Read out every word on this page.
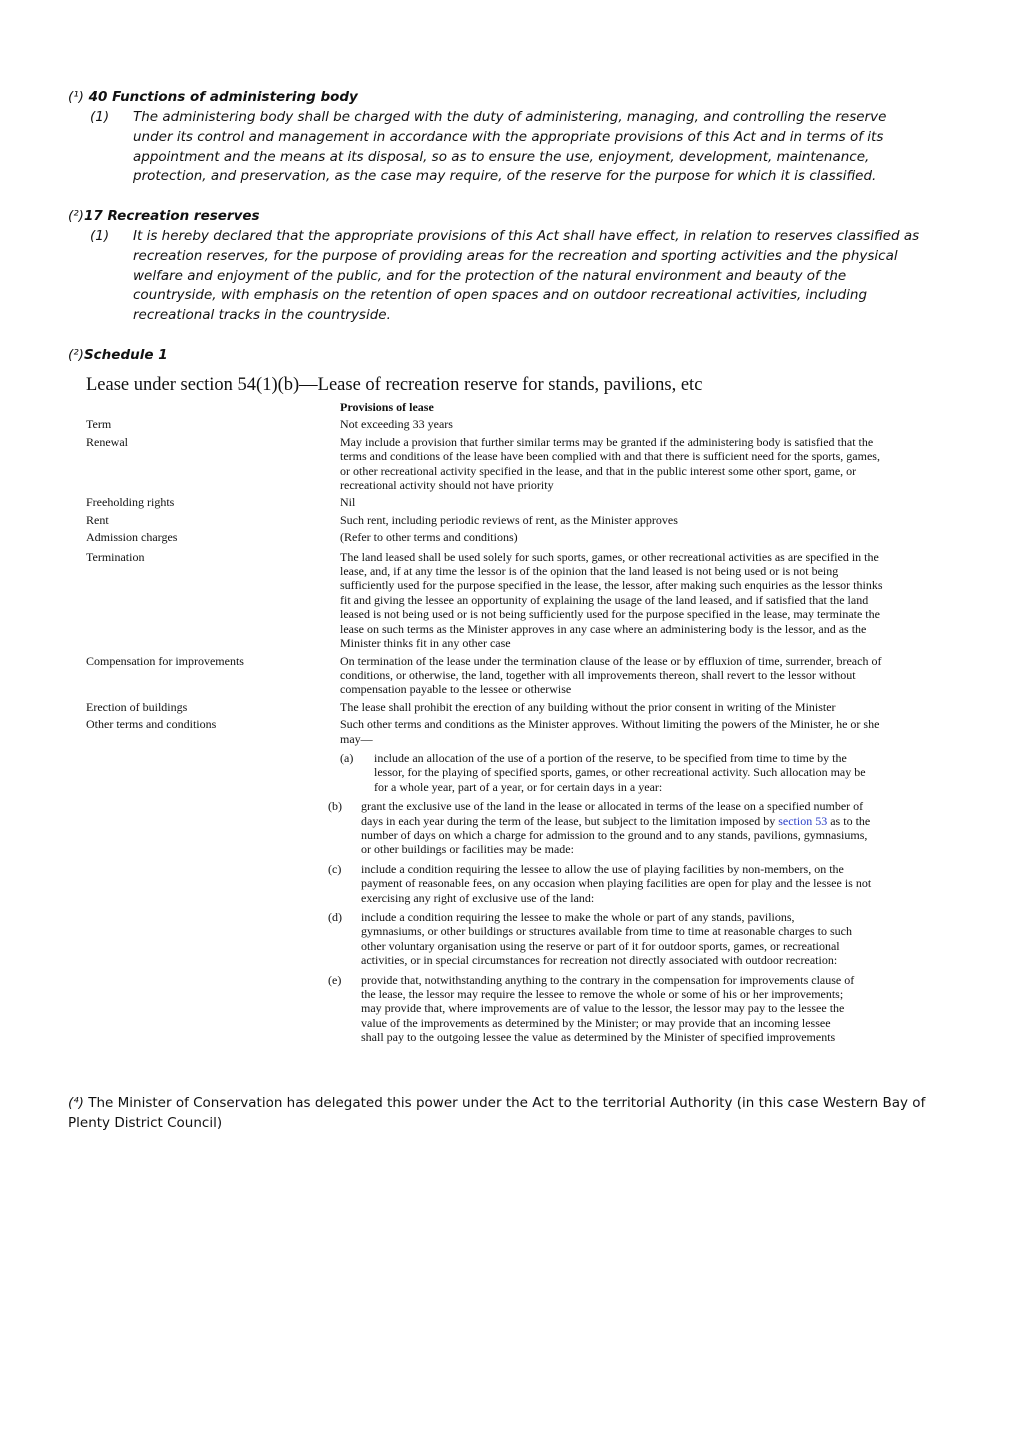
(¹) 40 Functions of administering body
(1) The administering body shall be charged with the duty of administering, managing, and controlling the reserve under its control and management in accordance with the appropriate provisions of this Act and in terms of its appointment and the means at its disposal, so as to ensure the use, enjoyment, development, maintenance, protection, and preservation, as the case may require, of the reserve for the purpose for which it is classified.
(²)17 Recreation reserves
(1) It is hereby declared that the appropriate provisions of this Act shall have effect, in relation to reserves classified as recreation reserves, for the purpose of providing areas for the recreation and sporting activities and the physical welfare and enjoyment of the public, and for the protection of the natural environment and beauty of the countryside, with emphasis on the retention of open spaces and on outdoor recreational activities, including recreational tracks in the countryside.
(²)Schedule 1
Lease under section 54(1)(b)—Lease of recreation reserve for stands, pavilions, etc
Provisions of lease
Term	Not exceeding 33 years
Renewal	May include a provision that further similar terms may be granted if the administering body is satisfied that the terms and conditions of the lease have been complied with and that there is sufficient need for the sports, games, or other recreational activity specified in the lease, and that in the public interest some other sport, game, or recreational activity should not have priority
Freeholding rights	Nil
Rent	Such rent, including periodic reviews of rent, as the Minister approves
Admission charges	(Refer to other terms and conditions)
Termination	The land leased shall be used solely for such sports, games, or other recreational activities as are specified in the lease, and, if at any time the lessor is of the opinion that the land leased is not being used or is not being sufficiently used for the purpose specified in the lease, the lessor, after making such enquiries as the lessor thinks fit and giving the lessee an opportunity of explaining the usage of the land leased, and if satisfied that the land leased is not being used or is not being sufficiently used for the purpose specified in the lease, may terminate the lease on such terms as the Minister approves in any case where an administering body is the lessor, and as the Minister thinks fit in any other case
Compensation for improvements	On termination of the lease under the termination clause of the lease or by effluxion of time, surrender, breach of conditions, or otherwise, the land, together with all improvements thereon, shall revert to the lessor without compensation payable to the lessee or otherwise
Erection of buildings	The lease shall prohibit the erection of any building without the prior consent in writing of the Minister
Other terms and conditions	Such other terms and conditions as the Minister approves. Without limiting the powers of the Minister, he or she may—
(a)	include an allocation of the use of a portion of the reserve, to be specified from time to time by the lessor, for the playing of specified sports, games, or other recreational activity. Such allocation may be for a whole year, part of a year, or for certain days in a year:
(b)	grant the exclusive use of the land in the lease or allocated in terms of the lease on a specified number of days in each year during the term of the lease, but subject to the limitation imposed by section 53 as to the number of days on which a charge for admission to the ground and to any stands, pavilions, gymnasiums, or other buildings or facilities may be made:
(c)	include a condition requiring the lessee to allow the use of playing facilities by non-members, on the payment of reasonable fees, on any occasion when playing facilities are open for play and the lessee is not exercising any right of exclusive use of the land:
(d)	include a condition requiring the lessee to make the whole or part of any stands, pavilions, gymnasiums, or other buildings or structures available from time to time at reasonable charges to such other voluntary organisation using the reserve or part of it for outdoor sports, games, or recreational activities, or in special circumstances for recreation not directly associated with outdoor recreation:
(e)	provide that, notwithstanding anything to the contrary in the compensation for improvements clause of the lease, the lessor may require the lessee to remove the whole or some of his or her improvements; may provide that, where improvements are of value to the lessor, the lessor may pay to the lessee the value of the improvements as determined by the Minister; or may provide that an incoming lessee shall pay to the outgoing lessee the value as determined by the Minister of specified improvements
(⁴) The Minister of Conservation has delegated this power under the Act to the territorial Authority (in this case Western Bay of Plenty District Council)
